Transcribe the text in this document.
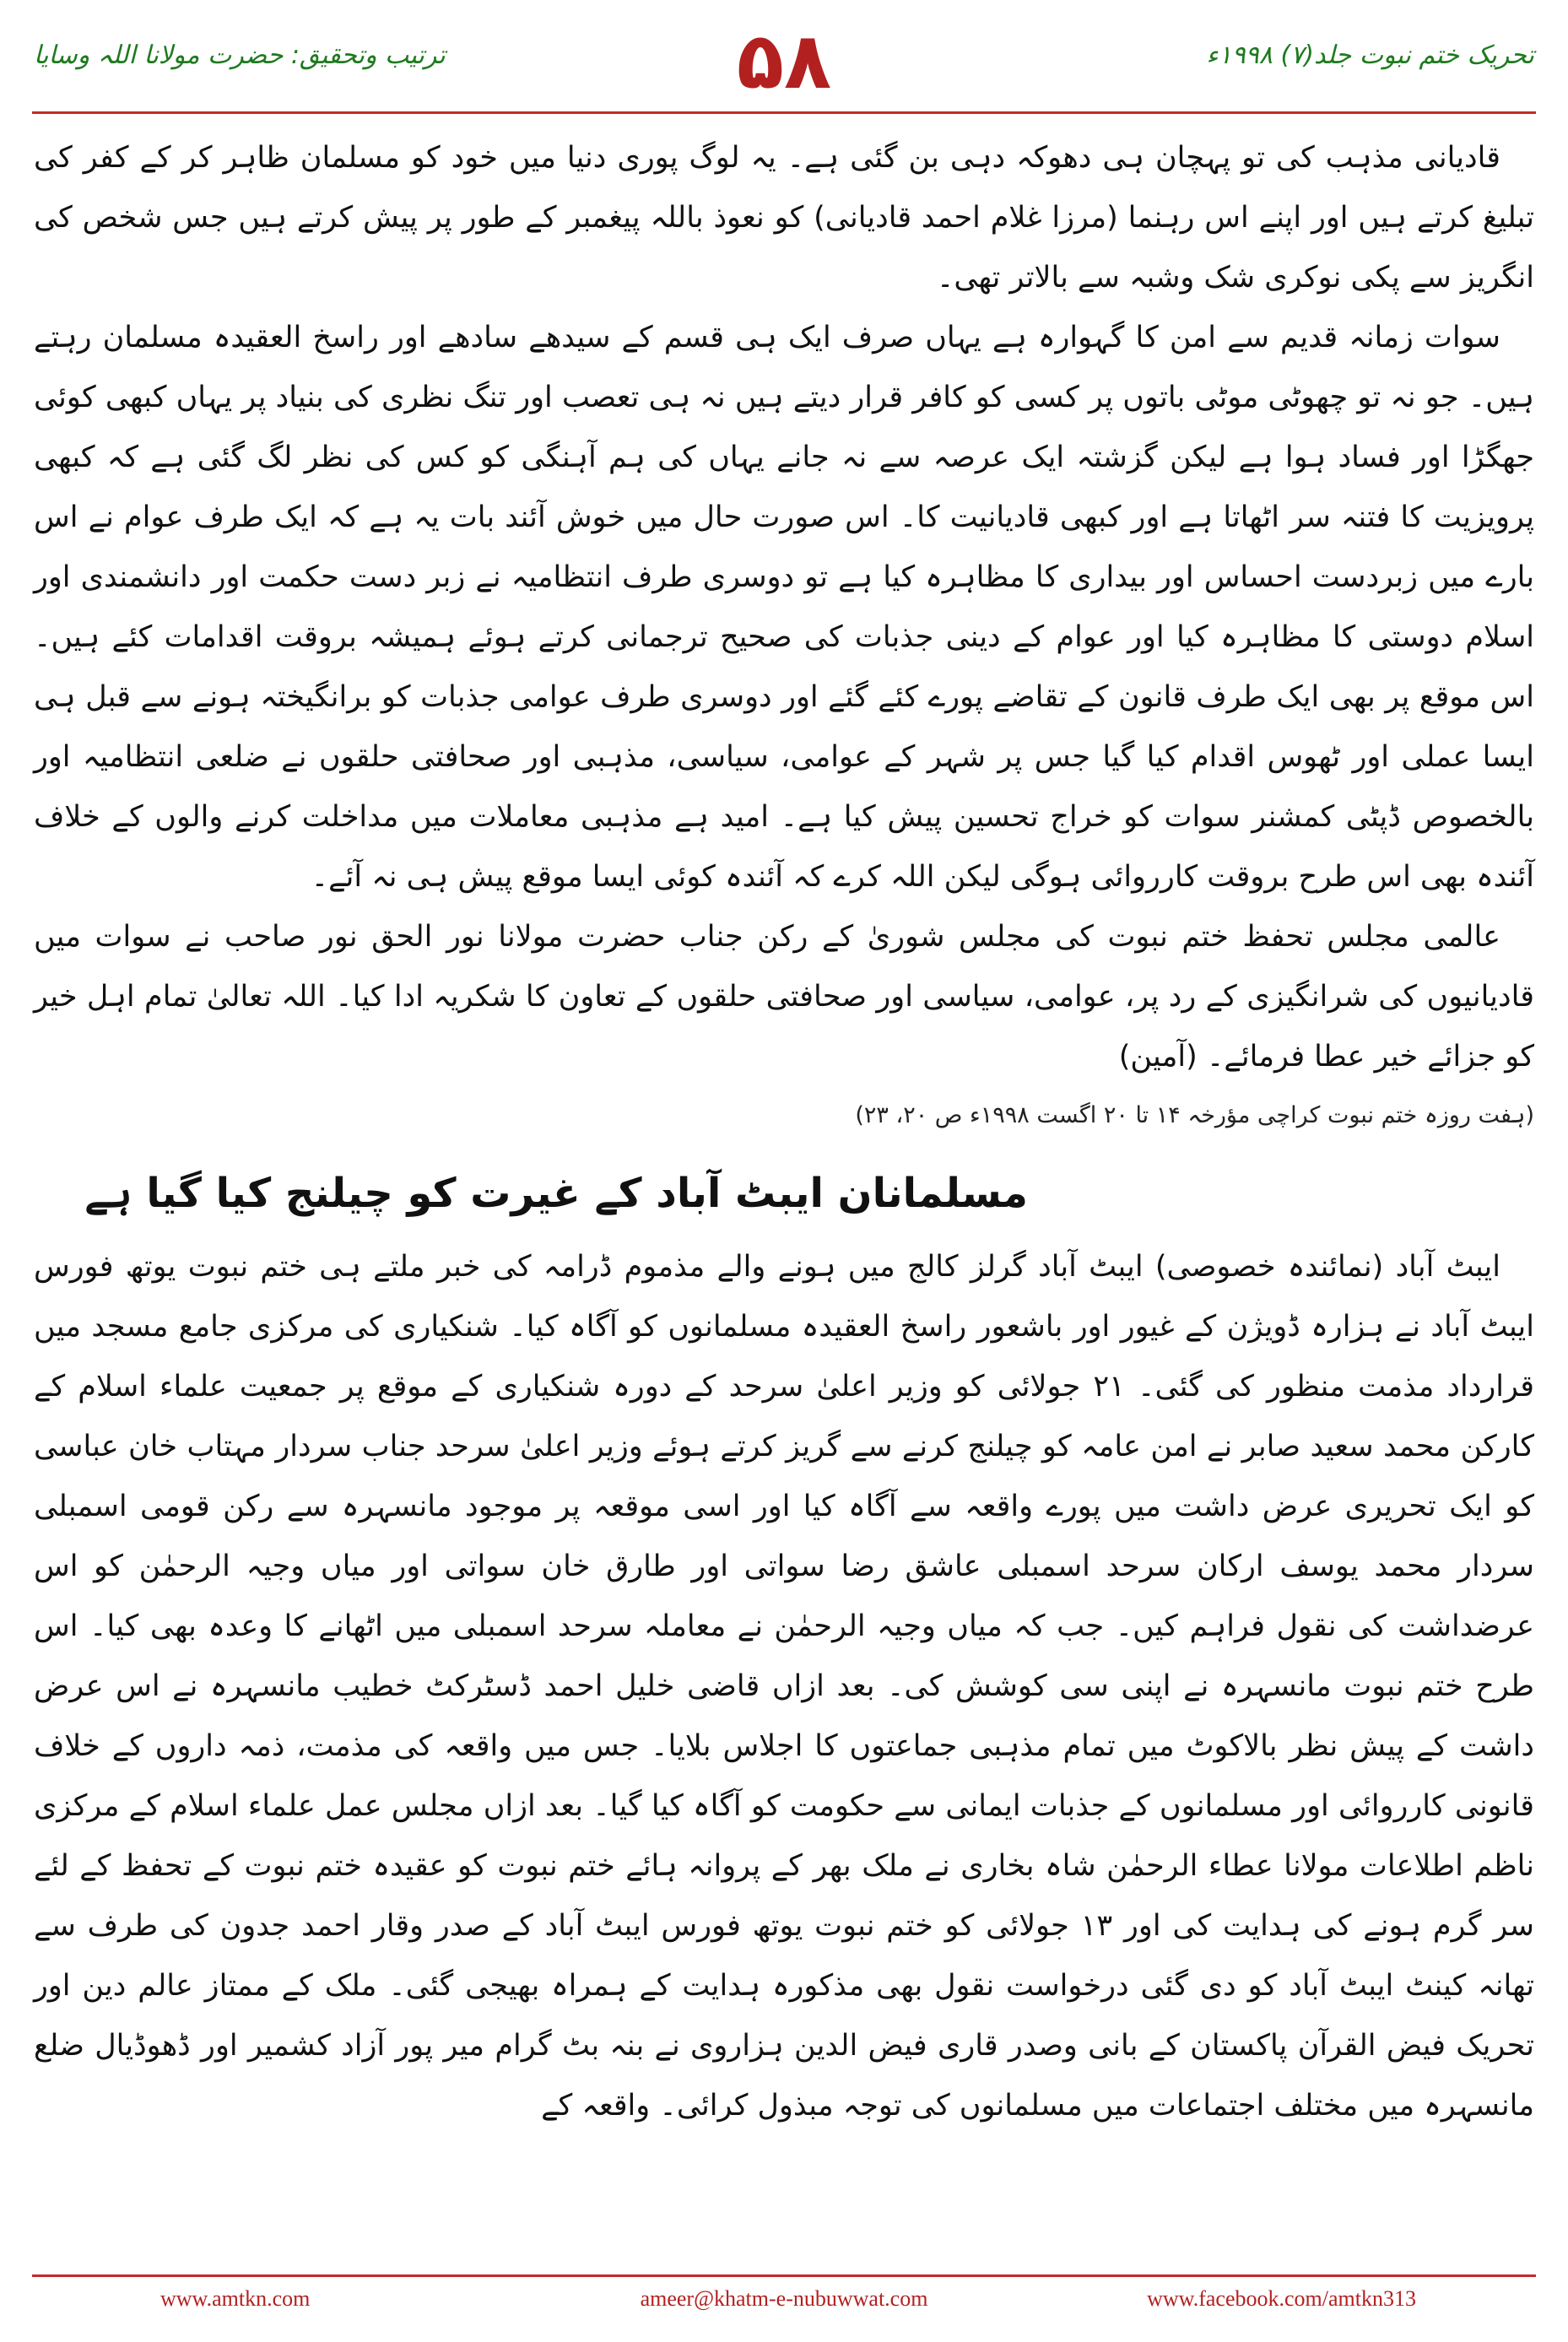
ترتیب وتحقیق: حضرت مولانا اللہ وسایا	۵۸	تحریک ختم نبوت جلد(۷) ۱۹۹۸ء

قادیانی مذہب کی تو پہچان ہی دھوکہ دہی بن گئی ہے۔ یہ لوگ پوری دنیا میں خود کو مسلمان ظاہر کر کے کفر کی تبلیغ کرتے ہیں اور اپنے اس رہنما (مرزا غلام احمد قادیانی) کو نعوذ باللہ پیغمبر کے طور پر پیش کرتے ہیں جس شخص کی انگریز سے پکی نوکری شک وشبہ سے بالاتر تھی۔

سوات زمانہ قدیم سے امن کا گہوارہ ہے یہاں صرف ایک ہی قسم کے سیدھے سادھے اور راسخ العقیدہ مسلمان رہتے ہیں۔ جو نہ تو چھوٹی موٹی باتوں پر کسی کو کافر قرار دیتے ہیں نہ ہی تعصب اور تنگ نظری کی بنیاد پر یہاں کبھی کوئی جھگڑا اور فساد ہوا ہے لیکن گزشتہ ایک عرصہ سے نہ جانے یہاں کی ہم آہنگی کو کس کی نظر لگ گئی ہے کہ کبھی پرویزیت کا فتنہ سر اٹھاتا ہے اور کبھی قادیانیت کا۔ اس صورت حال میں خوش آئند بات یہ ہے کہ ایک طرف عوام نے اس بارے میں زبردست احساس اور بیداری کا مظاہرہ کیا ہے تو دوسری طرف انتظامیہ نے زبر دست حکمت اور دانشمندی اور اسلام دوستی کا مظاہرہ کیا اور عوام کے دینی جذبات کی صحیح ترجمانی کرتے ہوئے ہمیشہ بروقت اقدامات کئے ہیں۔ اس موقع پر بھی ایک طرف قانون کے تقاضے پورے کئے گئے اور دوسری طرف عوامی جذبات کو برانگیختہ ہونے سے قبل ہی ایسا عملی اور ٹھوس اقدام کیا گیا جس پر شہر کے عوامی، سیاسی، مذہبی اور صحافتی حلقوں نے ضلعی انتظامیہ اور بالخصوص ڈپٹی کمشنر سوات کو خراج تحسین پیش کیا ہے۔ امید ہے مذہبی معاملات میں مداخلت کرنے والوں کے خلاف آئندہ بھی اس طرح بروقت کارروائی ہوگی لیکن اللہ کرے کہ آئندہ کوئی ایسا موقع پیش ہی نہ آئے۔

عالمی مجلس تحفظ ختم نبوت کی مجلس شوریٰ کے رکن جناب حضرت مولانا نور الحق نور صاحب نے سوات میں قادیانیوں کی شرانگیزی کے رد پر، عوامی، سیاسی اور صحافتی حلقوں کے تعاون کا شکریہ ادا کیا۔ اللہ تعالیٰ تمام اہل خیر کو جزائے خیر عطا فرمائے۔ (آمین)

(ہفت روزہ ختم نبوت کراچی مؤرخہ ۱۴ تا ۲۰ اگست ۱۹۹۸ء ص ۲۰، ۲۳)

مسلمانان ایبٹ آباد کے غیرت کو چیلنج کیا گیا ہے

ایبٹ آباد (نمائندہ خصوصی) ایبٹ آباد گرلز کالج میں ہونے والے مذموم ڈرامہ کی خبر ملتے ہی ختم نبوت یوتھ فورس ایبٹ آباد نے ہزارہ ڈویژن کے غیور اور باشعور راسخ العقیدہ مسلمانوں کو آگاہ کیا۔ شنکیاری کی مرکزی جامع مسجد میں قرارداد مذمت منظور کی گئی۔ ۲۱ جولائی کو وزیر اعلیٰ سرحد کے دورہ شنکیاری کے موقع پر جمعیت علماء اسلام کے کارکن محمد سعید صابر نے امن عامہ کو چیلنج کرنے سے گریز کرتے ہوئے وزیر اعلیٰ سرحد جناب سردار مہتاب خان عباسی کو ایک تحریری عرض داشت میں پورے واقعہ سے آگاہ کیا اور اسی موقعہ پر موجود مانسہرہ سے رکن قومی اسمبلی سردار محمد یوسف ارکان سرحد اسمبلی عاشق رضا سواتی اور طارق خان سواتی اور میاں وجیہ الرحمٰن کو اس عرضداشت کی نقول فراہم کیں۔ جب کہ میاں وجیہ الرحمٰن نے معاملہ سرحد اسمبلی میں اٹھانے کا وعدہ بھی کیا۔ اس طرح ختم نبوت مانسہرہ نے اپنی سی کوشش کی۔ بعد ازاں قاضی خلیل احمد ڈسٹرکٹ خطیب مانسہرہ نے اس عرض داشت کے پیش نظر بالاکوٹ میں تمام مذہبی جماعتوں کا اجلاس بلایا۔ جس میں واقعہ کی مذمت، ذمہ داروں کے خلاف قانونی کارروائی اور مسلمانوں کے جذبات ایمانی سے حکومت کو آگاہ کیا گیا۔ بعد ازاں مجلس عمل علماء اسلام کے مرکزی ناظم اطلاعات مولانا عطاء الرحمٰن شاہ بخاری نے ملک بھر کے پروانہ ہائے ختم نبوت کو عقیدہ ختم نبوت کے تحفظ کے لئے سر گرم ہونے کی ہدایت کی اور ۱۳ جولائی کو ختم نبوت یوتھ فورس ایبٹ آباد کے صدر وقار احمد جدون کی طرف سے تھانہ کینٹ ایبٹ آباد کو دی گئی درخواست نقول بھی مذکورہ ہدایت کے ہمراہ بھیجی گئی۔ ملک کے ممتاز عالم دین اور تحریک فیض القرآن پاکستان کے بانی وصدر قاری فیض الدین ہزاروی نے بنہ بٹ گرام میر پور آزاد کشمیر اور ڈھوڈیال ضلع مانسہرہ میں مختلف اجتماعات میں مسلمانوں کی توجہ مبذول کرائی۔ واقعہ کے

www.amtkn.com	ameer@khatm-e-nubuwwat.com	www.facebook.com/amtkn313
